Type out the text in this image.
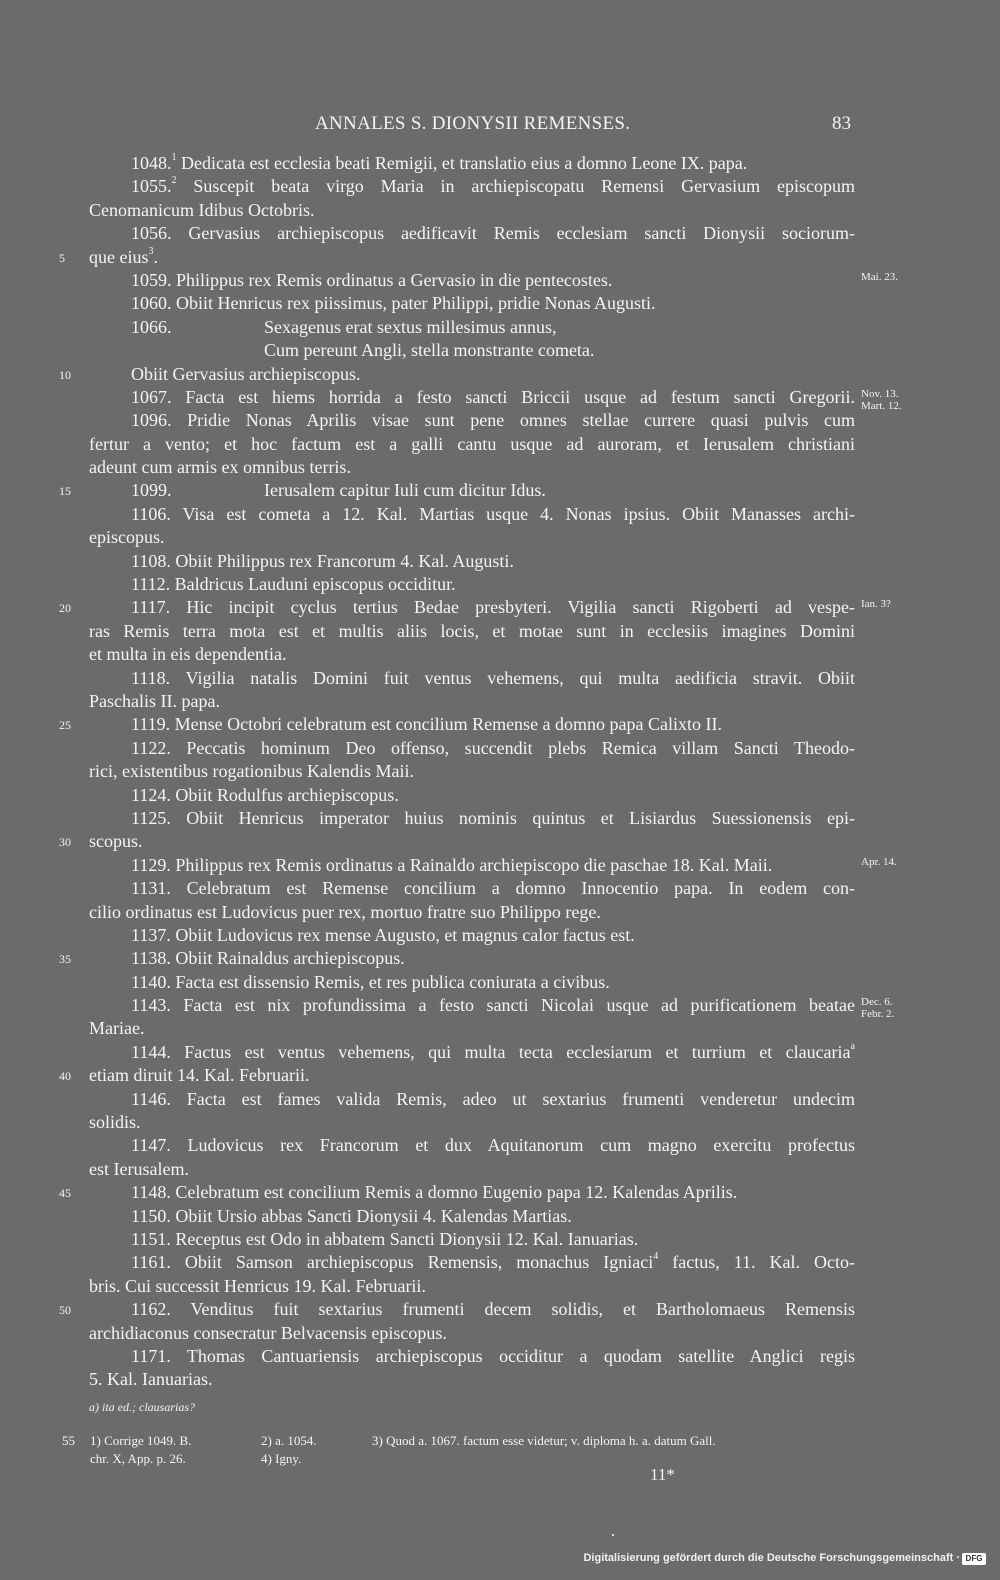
ANNALES S. DIONYSII REMENSES.	83
1048.$^1$ Dedicata est ecclesia beati Remigii, et translatio eius a domno Leone IX. papa.
1055.$^2$ Suscepit beata virgo Maria in archiepiscopatu Remensi Gervasium episcopum
Cenomanicum Idibus Octobris.
1056. Gervasius archiepiscopus aedificavit Remis ecclesiam sancti Dionysii sociorum-
5	que eius$^3$.
Mai. 23.
1059. Philippus rex Remis ordinatus a Gervasio in die pentecostes.
1060. Obiit Henricus rex piissimus, pater Philippi, pridie Nonas Augusti.
1066.	Sexagenus erat sextus millesimus annus,
Cum pereunt Angli, stella monstrante cometa.
10	Obiit Gervasius archiepiscopus.
Nov. 13.
Mart. 12.
1067. Facta est hiems horrida a festo sancti Briccii usque ad festum sancti Gregorii.
1096. Pridie Nonas Aprilis visae sunt pene omnes stellae currere quasi pulvis cum
fertur a vento; et hoc factum est a galli cantu usque ad auroram, et Ierusalem christiani
adeunt cum armis ex omnibus terris.
15	1099.	Ierusalem capitur Iuli cum dicitur Idus.
1106. Visa est cometa a 12. Kal. Martias usque 4. Nonas ipsius. Obiit Manasses archi-
episcopus.
1108. Obiit Philippus rex Francorum 4. Kal. Augusti.
1112. Baldricus Lauduni episcopus occiditur.
20	Ian. 3?
1117. Hic incipit cyclus tertius Bedae presbyteri. Vigilia sancti Rigoberti ad vespe-
ras Remis terra mota est et multis aliis locis, et motae sunt in ecclesiis imagines Domini
et multa in eis dependentia.
1118. Vigilia natalis Domini fuit ventus vehemens, qui multa aedificia stravit. Obiit
Paschalis II. papa.
25	1119. Mense Octobri celebratum est concilium Remense a domno papa Calixto II.
1122. Peccatis hominum Deo offenso, succendit plebs Remica villam Sancti Theodo-
rici, existentibus rogationibus Kalendis Maii.
1124. Obiit Rodulfus archiepiscopus.
1125. Obiit Henricus imperator huius nominis quintus et Lisiardus Suessionensis epi-
30	scopus.
Apr. 14.
1129. Philippus rex Remis ordinatus a Rainaldo archiepiscopo die paschae 18. Kal. Maii.
1131. Celebratum est Remense concilium a domno Innocentio papa. In eodem con-
cilio ordinatus est Ludovicus puer rex, mortuo fratre suo Philippo rege.
1137. Obiit Ludovicus rex mense Augusto, et magnus calor factus est.
35	1138. Obiit Rainaldus archiepiscopus.
1140. Facta est dissensio Remis, et res publica coniurata a civibus.
Dec. 6.
Febr. 2.
1143. Facta est nix profundissima a festo sancti Nicolai usque ad purificationem beatae
Mariae.
1144. Factus est ventus vehemens, qui multa tecta ecclesiarum et turrium et claucaria$^a$
40	etiam diruit 14. Kal. Februarii.
1146. Facta est fames valida Remis, adeo ut sextarius frumenti venderetur undecim
solidis.
1147. Ludovicus rex Francorum et dux Aquitanorum cum magno exercitu profectus
est Ierusalem.
45	1148. Celebratum est concilium Remis a domno Eugenio papa 12. Kalendas Aprilis.
1150. Obiit Ursio abbas Sancti Dionysii 4. Kalendas Martias.
1151. Receptus est Odo in abbatem Sancti Dionysii 12. Kal. Ianuarias.
1161. Obiit Samson archiepiscopus Remensis, monachus Igniaci$^4$ factus, 11. Kal. Octo-
bris. Cui successit Henricus 19. Kal. Februarii.
50	1162. Venditus fuit sextarius frumenti decem solidis, et Bartholomaeus Remensis
archidiaconus consecratur Belvacensis episcopus.
1171. Thomas Cantuariensis archiepiscopus occiditur a quodam satellite Anglici regis
5. Kal. Ianuarias.
a) ita ed.; clausarias?
55 1) Corrige 1049. B.	2) a. 1054.	3) Quod a. 1067. factum esse videtur; v. diploma h. a. datum Gall.
chr. X, App. p. 26.	4) Igny.
11*
Digitalisierung gefördert durch die Deutsche Forschungsgemeinschaft · DFG
